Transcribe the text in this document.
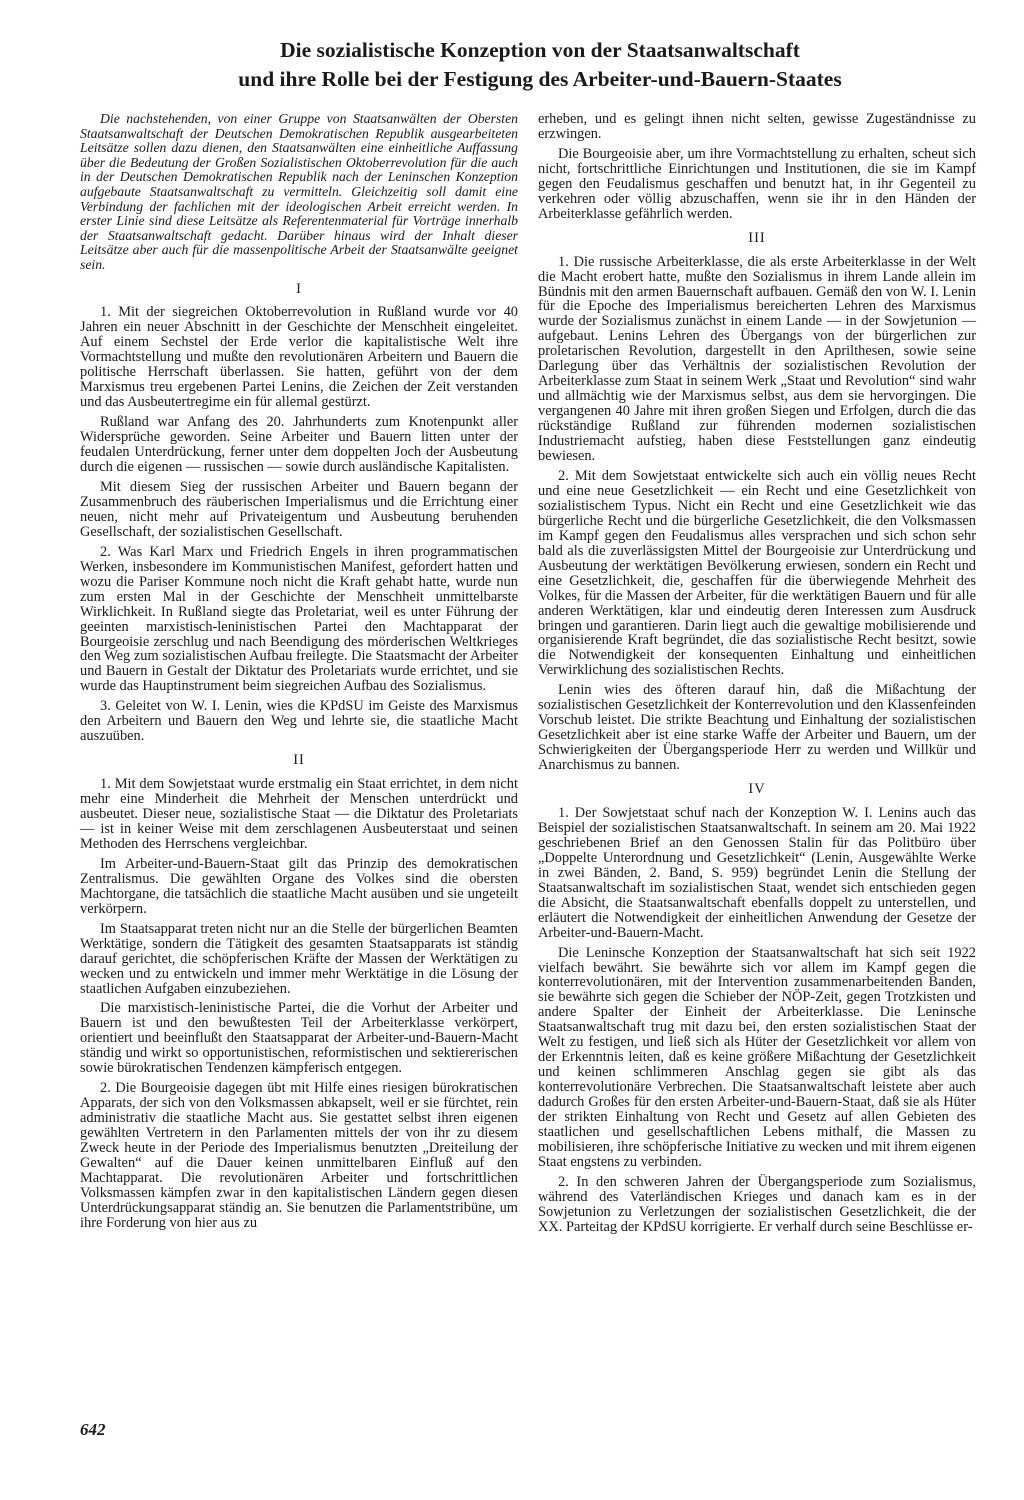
Die sozialistische Konzeption von der Staatsanwaltschaft
und ihre Rolle bei der Festigung des Arbeiter-und-Bauern-Staates

Die nachstehenden, von einer Gruppe von Staatsanwälten der Obersten Staatsanwaltschaft der Deutschen Demokratischen Republik ausgearbeiteten Leitsätze sollen dazu dienen, den Staatsanwälten eine einheitliche Auffassung über die Bedeutung der Großen Sozialistischen Oktoberrevolution für die auch in der Deutschen Demokratischen Republik nach der Leninschen Konzeption aufgebaute Staatsanwaltschaft zu vermitteln. Gleichzeitig soll damit eine Verbindung der fachlichen mit der ideologischen Arbeit erreicht werden. In erster Linie sind diese Leitsätze als Referentenmaterial für Vorträge innerhalb der Staatsanwaltschaft gedacht. Darüber hinaus wird der Inhalt dieser Leitsätze aber auch für die massenpolitische Arbeit der Staatsanwälte geeignet sein.

I

1. Mit der siegreichen Oktoberrevolution in Rußland wurde vor 40 Jahren ein neuer Abschnitt in der Geschichte der Menschheit eingeleitet. Auf einem Sechstel der Erde verlor die kapitalistische Welt ihre Vormachtstellung und mußte den revolutionären Arbeitern und Bauern die politische Herrschaft überlassen. Sie hatten, geführt von der dem Marxismus treu ergebenen Partei Lenins, die Zeichen der Zeit verstanden und das Ausbeutertregime ein für allemal gestürzt.

Rußland war Anfang des 20. Jahrhunderts zum Knotenpunkt aller Widersprüche geworden. Seine Arbeiter und Bauern litten unter der feudalen Unterdrückung, ferner unter dem doppelten Joch der Ausbeutung durch die eigenen — russischen — sowie durch ausländische Kapitalisten.

Mit diesem Sieg der russischen Arbeiter und Bauern begann der Zusammenbruch des räuberischen Imperialismus und die Errichtung einer neuen, nicht mehr auf Privateigentum und Ausbeutung beruhenden Gesellschaft, der sozialistischen Gesellschaft.

2. Was Karl Marx und Friedrich Engels in ihren programmatischen Werken, insbesondere im Kommunistischen Manifest, gefordert hatten und wozu die Pariser Kommune noch nicht die Kraft gehabt hatte, wurde nun zum ersten Mal in der Geschichte der Menschheit unmittelbarste Wirklichkeit. In Rußland siegte das Proletariat, weil es unter Führung der geeinten marxistisch-leninistischen Partei den Machtapparat der Bourgeoisie zerschlug und nach Beendigung des mörderischen Weltkrieges den Weg zum sozialistischen Aufbau freilegte. Die Staatsmacht der Arbeiter und Bauern in Gestalt der Diktatur des Proletariats wurde errichtet, und sie wurde das Hauptinstrument beim siegreichen Aufbau des Sozialismus.

3. Geleitet von W. I. Lenin, wies die KPdSU im Geiste des Marxismus den Arbeitern und Bauern den Weg und lehrte sie, die staatliche Macht auszuüben.

II

1. Mit dem Sowjetstaat wurde erstmalig ein Staat errichtet, in dem nicht mehr eine Minderheit die Mehrheit der Menschen unterdrückt und ausbeutet. Dieser neue, sozialistische Staat — die Diktatur des Proletariats — ist in keiner Weise mit dem zerschlagenen Ausbeuterstaat und seinen Methoden des Herrschens vergleichbar.

Im Arbeiter-und-Bauern-Staat gilt das Prinzip des demokratischen Zentralismus. Die gewählten Organe des Volkes sind die obersten Machtorgane, die tatsächlich die staatliche Macht ausüben und sie ungeteilt verkörpern.

Im Staatsapparat treten nicht nur an die Stelle der bürgerlichen Beamten Werktätige, sondern die Tätigkeit des gesamten Staatsapparats ist ständig darauf gerichtet, die schöpferischen Kräfte der Massen der Werktätigen zu wecken und zu entwickeln und immer mehr Werktätige in die Lösung der staatlichen Aufgaben einzubeziehen.

Die marxistisch-leninistische Partei, die die Vorhut der Arbeiter und Bauern ist und den bewußtesten Teil der Arbeiterklasse verkörpert, orientiert und beeinflußt den Staatsapparat der Arbeiter-und-Bauern-Macht ständig und wirkt so opportunistischen, reformistischen und sektiererischen sowie bürokratischen Tendenzen kämpferisch entgegen.

2. Die Bourgeoisie dagegen übt mit Hilfe eines riesigen bürokratischen Apparats, der sich von den Volksmassen abkapselt, weil er sie fürchtet, rein administrativ die staatliche Macht aus. Sie gestattet selbst ihren eigenen gewählten Vertretern in den Parlamenten mittels der von ihr zu diesem Zweck heute in der Periode des Imperialismus benutzten „Dreiteilung der Gewalten“ auf die Dauer keinen unmittelbaren Einfluß auf den Machtapparat. Die revolutionären Arbeiter und fortschrittlichen Volksmassen kämpfen zwar in den kapitalistischen Ländern gegen diesen Unterdrückungsapparat ständig an. Sie benutzen die Parlamentstribüne, um ihre Forderung von hier aus zu

erheben, und es gelingt ihnen nicht selten, gewisse Zugeständnisse zu erzwingen.

Die Bourgeoisie aber, um ihre Vormachtstellung zu erhalten, scheut sich nicht, fortschrittliche Einrichtungen und Institutionen, die sie im Kampf gegen den Feudalismus geschaffen und benutzt hat, in ihr Gegenteil zu verkehren oder völlig abzuschaffen, wenn sie ihr in den Händen der Arbeiterklasse gefährlich werden.

III

1. Die russische Arbeiterklasse, die als erste Arbeiterklasse in der Welt die Macht erobert hatte, mußte den Sozialismus in ihrem Lande allein im Bündnis mit den armen Bauernschaft aufbauen. Gemäß den von W. I. Lenin für die Epoche des Imperialismus bereicherten Lehren des Marxismus wurde der Sozialismus zunächst in einem Lande — in der Sowjetunion — aufgebaut. Lenins Lehren des Übergangs von der bürgerlichen zur proletarischen Revolution, dargestellt in den Aprilthesen, sowie seine Darlegung über das Verhältnis der sozialistischen Revolution der Arbeiterklasse zum Staat in seinem Werk „Staat und Revolution“ sind wahr und allmächtig wie der Marxismus selbst, aus dem sie hervorgingen. Die vergangenen 40 Jahre mit ihren großen Siegen und Erfolgen, durch die das rückständige Rußland zur führenden modernen sozialistischen Industriemacht aufstieg, haben diese Feststellungen ganz eindeutig bewiesen.

2. Mit dem Sowjetstaat entwickelte sich auch ein völlig neues Recht und eine neue Gesetzlichkeit — ein Recht und eine Gesetzlichkeit von sozialistischem Typus. Nicht ein Recht und eine Gesetzlichkeit wie das bürgerliche Recht und die bürgerliche Gesetzlichkeit, die den Volksmassen im Kampf gegen den Feudalismus alles versprachen und sich schon sehr bald als die zuverlässigsten Mittel der Bourgeoisie zur Unterdrückung und Ausbeutung der werktätigen Bevölkerung erwiesen, sondern ein Recht und eine Gesetzlichkeit, die, geschaffen für die überwiegende Mehrheit des Volkes, für die Massen der Arbeiter, für die werktätigen Bauern und für alle anderen Werktätigen, klar und eindeutig deren Interessen zum Ausdruck bringen und garantieren. Darin liegt auch die gewaltige mobilisierende und organisierende Kraft begründet, die das sozialistische Recht besitzt, sowie die Notwendigkeit der konsequenten Einhaltung und einheitlichen Verwirklichung des sozialistischen Rechts.

Lenin wies des öfteren darauf hin, daß die Mißachtung der sozialistischen Gesetzlichkeit der Konterrevolution und den Klassenfeinden Vorschub leistet. Die strikte Beachtung und Einhaltung der sozialistischen Gesetzlichkeit aber ist eine starke Waffe der Arbeiter und Bauern, um der Schwierigkeiten der Übergangsperiode Herr zu werden und Willkür und Anarchismus zu bannen.

IV

1. Der Sowjetstaat schuf nach der Konzeption W. I. Lenins auch das Beispiel der sozialistischen Staatsanwaltschaft. In seinem am 20. Mai 1922 geschriebenen Brief an den Genossen Stalin für das Politbüro über „Doppelte Unterordnung und Gesetzlichkeit“ (Lenin, Ausgewählte Werke in zwei Bänden, 2. Band, S. 959) begründet Lenin die Stellung der Staatsanwaltschaft im sozialistischen Staat, wendet sich entschieden gegen die Absicht, die Staatsanwaltschaft ebenfalls doppelt zu unterstellen, und erläutert die Notwendigkeit der einheitlichen Anwendung der Gesetze der Arbeiter-und-Bauern-Macht.

Die Leninsche Konzeption der Staatsanwaltschaft hat sich seit 1922 vielfach bewährt. Sie bewährte sich vor allem im Kampf gegen die konterrevolutionären, mit der Intervention zusammenarbeitenden Banden, sie bewährte sich gegen die Schieber der NÖP-Zeit, gegen Trotzkisten und andere Spalter der Einheit der Arbeiterklasse. Die Leninsche Staatsanwaltschaft trug mit dazu bei, den ersten sozialistischen Staat der Welt zu festigen, und ließ sich als Hüter der Gesetzlichkeit vor allem von der Erkenntnis leiten, daß es keine größere Mißachtung der Gesetzlichkeit und keinen schlimmeren Anschlag gegen sie gibt als das konterrevolutionäre Verbrechen. Die Staatsanwaltschaft leistete aber auch dadurch Großes für den ersten Arbeiter-und-Bauern-Staat, daß sie als Hüter der strikten Einhaltung von Recht und Gesetz auf allen Gebieten des staatlichen und gesellschaftlichen Lebens mithalf, die Massen zu mobilisieren, ihre schöpferische Initiative zu wecken und mit ihrem eigenen Staat engstens zu verbinden.

2. In den schweren Jahren der Übergangsperiode zum Sozialismus, während des Vaterländischen Krieges und danach kam es in der Sowjetunion zu Verletzungen der sozialistischen Gesetzlichkeit, die der XX. Parteitag der KPdSU korrigierte. Er verhalf durch seine Beschlüsse er-

642
